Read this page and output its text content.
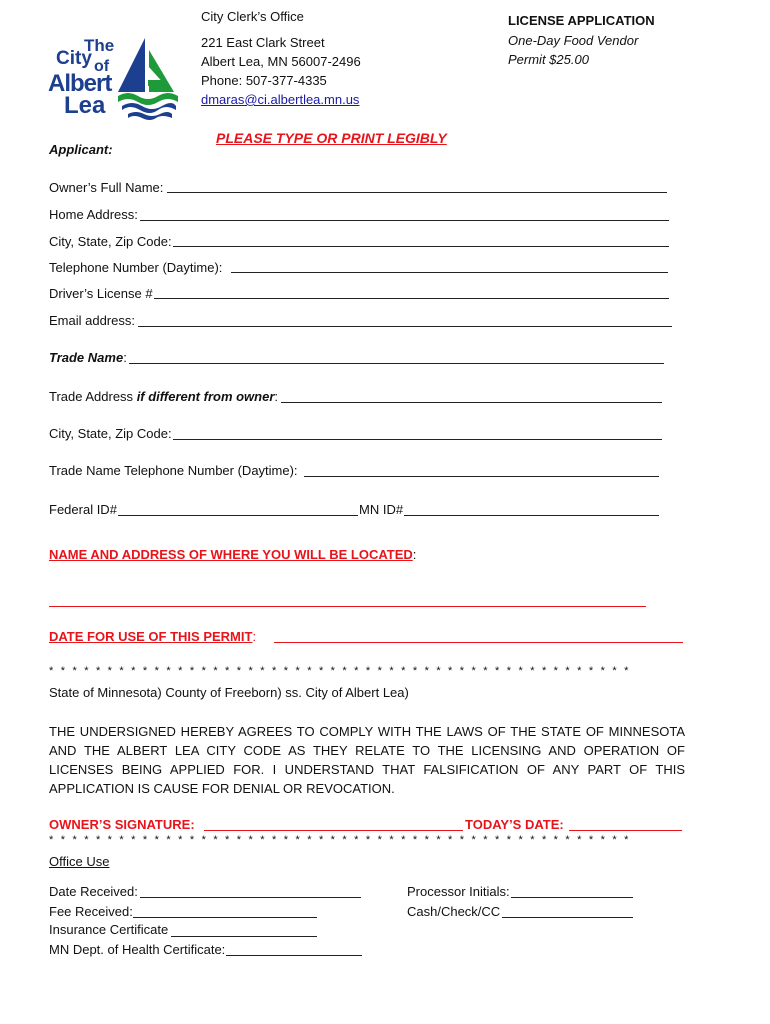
The
City of
Albert
Lea
City Clerk’s Office
221 East Clark Street
Albert Lea, MN 56007-2496
Phone: 507-377-4335
dmaras@ci.albertlea.mn.us
LICENSE APPLICATION
One-Day Food Vendor
Permit $25.00
PLEASE TYPE OR PRINT LEGIBLY
Applicant:
Owner’s Full Name:
Home Address:
City, State, Zip Code:
Telephone Number (Daytime):
Driver’s License #
Email address:
Trade Name:
Trade Address if different from owner:
City, State, Zip Code:
Trade Name Telephone Number (Daytime):
Federal ID#	MN ID#
NAME AND ADDRESS OF WHERE YOU WILL BE LOCATED:
DATE FOR USE OF THIS PERMIT:
* * * * * * * * * * * * * * * * * * * * * * * * * * * * * * * * * * * * * * * * * * * * * * * * * *
State of Minnesota) County of Freeborn) ss. City of Albert Lea)
THE UNDERSIGNED HEREBY AGREES TO COMPLY WITH THE LAWS OF THE STATE OF MINNESOTA AND THE ALBERT LEA CITY CODE AS THEY RELATE TO THE LICENSING AND OPERATION OF LICENSES BEING APPLIED FOR. I UNDERSTAND THAT FALSIFICATION OF ANY PART OF THIS APPLICATION IS CAUSE FOR DENIAL OR REVOCATION.
OWNER’S SIGNATURE:	TODAY’S DATE:
* * * * * * * * * * * * * * * * * * * * * * * * * * * * * * * * * * * * * * * * * * * * * * * * * *
Office Use
Date Received:
Fee Received:
Insurance Certificate
MN Dept. of Health Certificate:
Processor Initials:
Cash/Check/CC
